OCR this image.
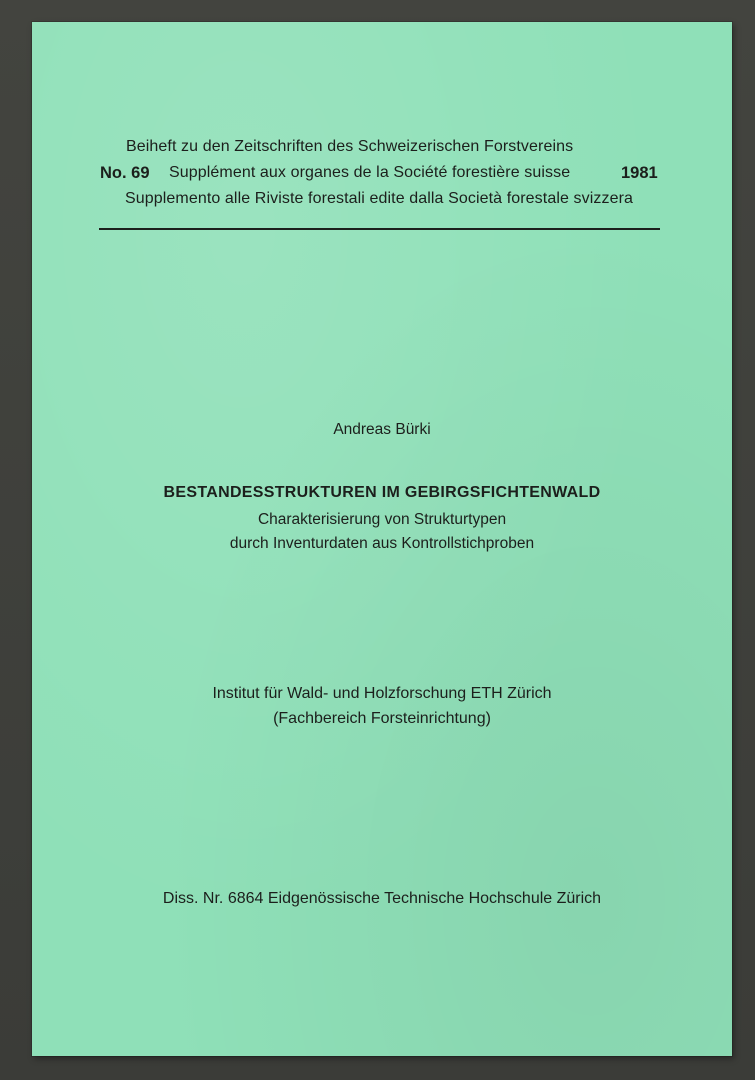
Beiheft zu den Zeitschriften des Schweizerischen Forstvereins
No. 69 Supplément aux organes de la Société forestière suisse	1981
Supplemento alle Riviste forestali edite dalla Società forestale svizzera
Andreas Bürki
BESTANDESSTRUKTUREN IM GEBIRGSFICHTENWALD
Charakterisierung von Strukturtypen
durch Inventurdaten aus Kontrollstichproben
Institut für Wald- und Holzforschung ETH Zürich
(Fachbereich Forsteinrichtung)
Diss. Nr. 6864 Eidgenössische Technische Hochschule Zürich
